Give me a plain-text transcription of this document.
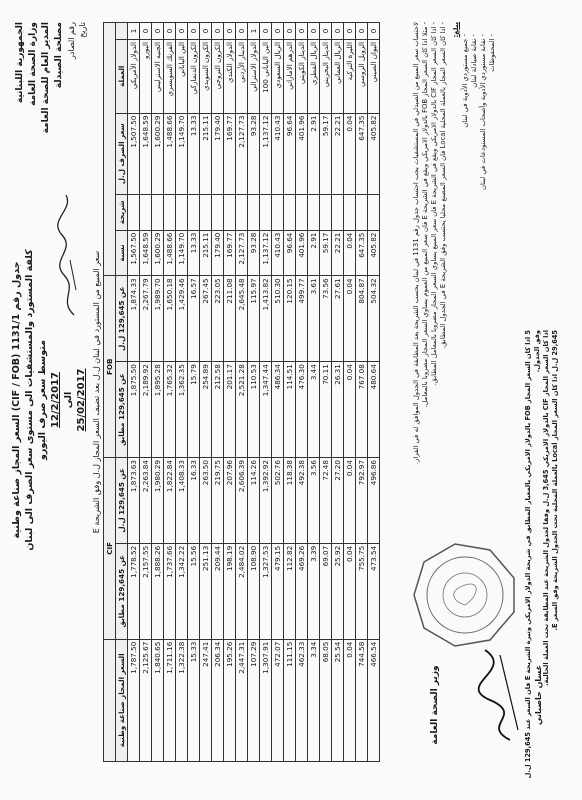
الجمهورية اللبنانية وزارة الصحة العامة المدير العام للصحة العامة مصلحة الصيدلة رقم الصادر تاريخ
جدول رقم 1131/1 (CIF / FOB) السعر المجاز صناعة وطنية كلفة المستورد والمستشفيات الى مستوى سعر الصرف الى لبنان متوسط سعر صرف اليورو 12/2/2017 الى 25/02/2017
سعر المبيع من المستورد في لبنان ل.ل بعد تضيف السعر المجاز ل.ل وفق الشريحة E
					FOB		CIF		
	العملة	سعر الصرف ل.ل	شريحة	نسبة	عن 129,645 ل.ل	عن 129,645 مطابق	عن 129,645 ل.ل	عن 129,645 مطابق	السعر المجاز صناعة وطنية
1	الدولار الأمريكي	1,507.50		1,567.50	1,874.33	1,875.50	1,873.63	1,778.52	1,787.50
0	اليورو	1,648.59		1,648.59	2,267.79	2,189.92	2,263.84	2,157.55	2,125.67
0	الجنيه الاسترليني	1,600.29		1,600.29	1,989.70	1,895.28	1,980.29	1,888.26	1,840.65
0	الفرنك السويسري	1,488.66		1,488.66	1,650.18	1,765.32	1,822.84	1,737.66	1,711.16
0	الين الياباني	1,149.70		1,149.70	1,429.46	1,362.35	1,408.33	1,342.22	1,322.38
0	الكرون الدنماركي	13.33		13.33	16.57	15.79	16.33	15.56	15.33
0	الكرون السويدي	215.11		215.11	267.45	254.89	263.50	251.13	247.41
0	الكرون النروجي	179.40		179.40	223.05	212.58	219.75	209.44	206.34
0	الدولار الكندي	169.77		169.77	211.08	201.17	207.96	198.19	195.26
0	الدينار الأردني	2,127.73		2,127.73	2,645.48	2,521.28	2,606.39	2,484.02	2,447.31
1	الدولار الاسترالي	93.28		93.28	115.97	110.53	114.26	108.90	107.29
0	الين الياباني 100	1,137.12		1,137.12	1,413.82	1,347.44	1,392.92	1,327.53	1,307.91
0	الريال السعودي	410.43		410.43	510.30	486.34	502.76	479.15	472.07
0	الدرهم الاماراتي	96.64		96.64	120.15	114.51	118.38	112.82	111.15
0	الدينار الكويتي	401.96		401.96	499.77	476.30	492.38	469.26	462.33
0	الريال القطري	2.91		2.91	3.61	3.44	3.56	3.39	3.34
0	الدينار البحريني	59.17		59.17	73.56	70.11	72.48	69.07	68.05
0	الريال العماني	22.21		22.21	27.61	26.31	27.20	25.92	25.54
0	الليرة التركية	0.04		0.04	0.04	0.04	0.04	0.04	0.04
0	الروبل الروسي	647.35		647.35	804.87	767.08	792.97	755.75	744.58
0	اليوان الصيني	405.82		405.82	504.32	480.64	496.86	473.54	466.54

لاحتساب سعر المبيع من الصيدلي في المستشفيات يجب احتساب جدول رقم 1131 في لبنان بحسب الشريحة بعد المطابقة في الجدول الموافق له في القرار.

- مثلا اذا كان السعر المجاز FOB بالدولار الامريكي ويقع في الشريحة E فان سعر المبيع من العموم يساوي السعر المجاز مضروبا بالمعامل.

- اذا كان السعر المجاز CIF بالدولار الامريكي ويقع في الشريحة E فان سعر المبيع يساوي السعر المجاز مضروبا بالمعامل المطابق.

- اذا كان السعر المجاز بالعملة المحلية Local فان السعر المصنع محليا يحتسب وفق الشريحة E في الجدول المطابق. يبلغ:

- جميع مستوردي الأدوية في لبنان - نقابة صيادلة لبنان - نقابة مستوردي الأدوية وأصحاب المستودعات في لبنان - المحفوظات
وزير الصحة العامة	غسان حاصباني

5 اذا كان السعر المجاز FOB بالدولار الامريكي بالمعيار المطابق في شريحة الدولار الامريكي وتيرة الشريحة E فان السعر عند 129,645 ل.ل وفق الجدول.

اذا كان السعر المجاز CIF بالدولار الامريكي 3,645 ل.ل وفقا لجدول الشريحة عند المطابقة تحت العملة الحالية.

29,645 ل.ل اذا كان السعر المجاز Local بالعملة المحلية تحت الجدول الشريحة وفق السعر E.
